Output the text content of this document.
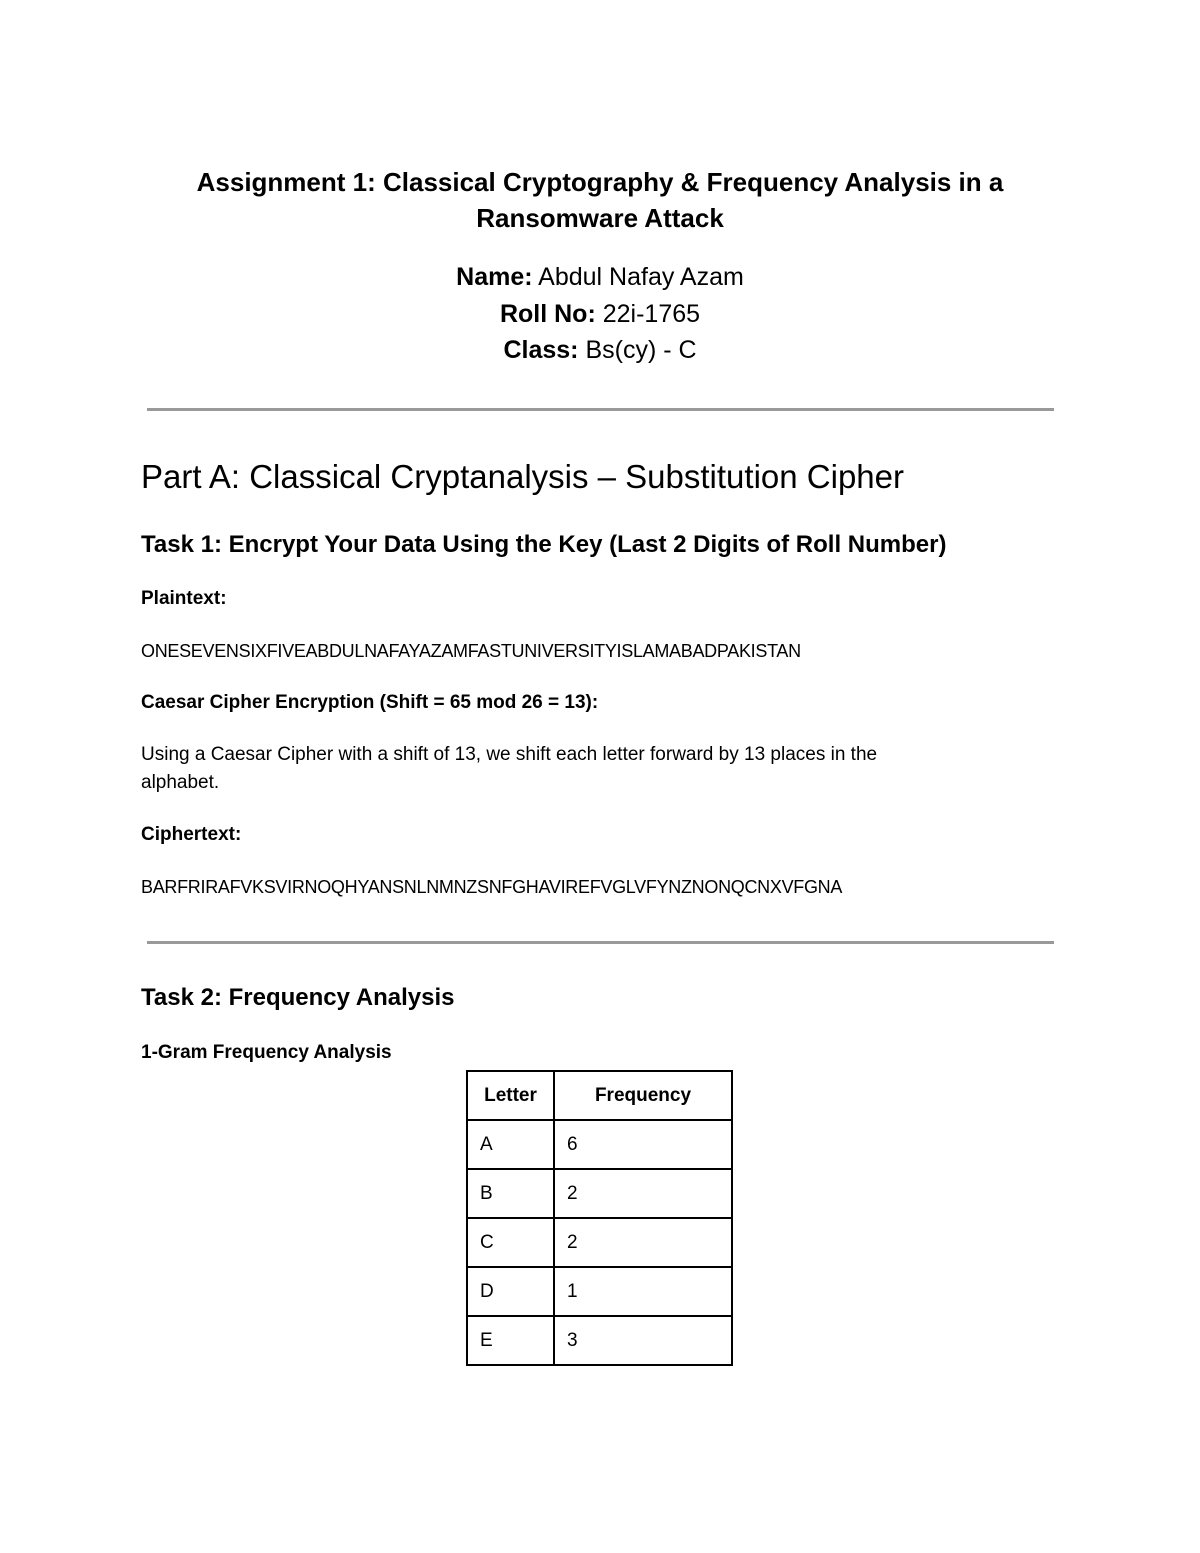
Assignment 1: Classical Cryptography & Frequency Analysis in a
Ransomware Attack
Name: Abdul Nafay Azam
Roll No: 22i-1765
Class: Bs(cy) - C
Part A: Classical Cryptanalysis – Substitution Cipher
Task 1: Encrypt Your Data Using the Key (Last 2 Digits of Roll Number)
Plaintext:
ONESEVENSIXFIVEABDULNAFAYAZAMFASTUNIVERSITYISLAMABADPAKISTAN
Caesar Cipher Encryption (Shift = 65 mod 26 = 13):
Using a Caesar Cipher with a shift of 13, we shift each letter forward by 13 places in the
alphabet.
Ciphertext:
BARFRIRAFVKSVIRNOQHYANSNLNMNZSNFGHAVIREFVGLVFYNZNONQCNXVFGNA
Task 2: Frequency Analysis
1-Gram Frequency Analysis
Letter	Frequency
A	6
B	2
C	2
D	1
E	3
